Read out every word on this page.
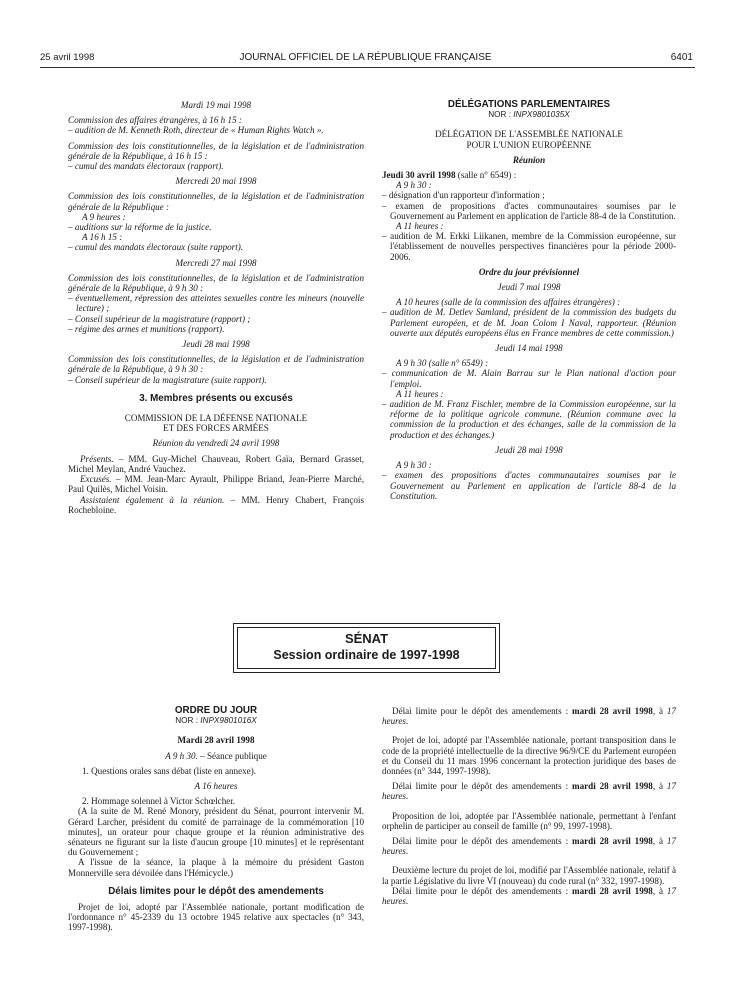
25 avril 1998	JOURNAL OFFICIEL DE LA RÉPUBLIQUE FRANÇAISE	6401

Mardi 19 mai 1998

Commission des affaires étrangères, à 16 h 15 :

– audition de M. Kenneth Roth, directeur de « Human Rights Watch ».

Commission des lois constitutionnelles, de la législation et de l'administration générale de la République, à 16 h 15 :

– cumul des mandats électoraux (rapport).

Mercredi 20 mai 1998

Commission des lois constitutionnelles, de la législation et de l'administration générale de la République :

A 9 heures :

– auditions sur la réforme de la justice.

A 16 h 15 :

– cumul des mandats électoraux (suite rapport).

Mercredi 27 mai 1998

Commission des lois constitutionnelles, de la législation et de l'administration générale de la République, à 9 h 30 :

– éventuellement, répression des atteintes sexuelles contre les mineurs (nouvelle lecture) ;

– Conseil supérieur de la magistrature (rapport) ;

– régime des armes et munitions (rapport).

Jeudi 28 mai 1998

Commission des lois constitutionnelles, de la législation et de l'administration générale de la République, à 9 h 30 :

– Conseil supérieur de la magistrature (suite rapport).

3. Membres présents ou excusés

COMMISSION DE LA DÉFENSE NATIONALE

ET DES FORCES ARMÉES

Réunion du vendredi 24 avril 1998

Présents. – MM. Guy-Michel Chauveau, Robert Gaïa, Bernard Grasset, Michel Meylan, André Vauchez.

Excusés. – MM. Jean-Marc Ayrault, Philippe Briand, Jean-Pierre Marché, Paul Quilès, Michel Voisin.

Assistaient également à la réunion. – MM. Henry Chabert, François Rochebloine.

DÉLÉGATIONS PARLEMENTAIRES

NOR : INPX9801035X

DÉLÉGATION DE L'ASSEMBLÉE NATIONALE

POUR L'UNION EUROPÉENNE

Réunion

Jeudi 30 avril 1998 (salle n° 6549) :

A 9 h 30 :

– désignation d'un rapporteur d'information ;

– examen de propositions d'actes communautaires soumises par le Gouvernement au Parlement en application de l'article 88-4 de la Constitution.

A 11 heures :

– audition de M. Erkki Liikanen, membre de la Commission européenne, sur l'établissement de nouvelles perspectives financières pour la période 2000-2006.

Ordre du jour prévisionnel

Jeudi 7 mai 1998

A 10 heures (salle de la commission des affaires étrangères) :

– audition de M. Detlev Samland, président de la commission des budgets du Parlement européen, et de M. Joan Colom I Naval, rapporteur. (Réunion ouverte aux députés européens élus en France membres de cette commission.)

Jeudi 14 mai 1998

A 9 h 30 (salle n° 6549) :

– communication de M. Alain Barrau sur le Plan national d'action pour l'emploi.

A 11 heures :

– audition de M. Franz Fischler, membre de la Commission européenne, sur la réforme de la politique agricole commune. (Réunion commune avec la commission de la production et des échanges, salle de la commission de la production et des échanges.)

Jeudi 28 mai 1998

A 9 h 30 :

– examen des propositions d'actes communautaires soumises par le Gouvernement au Parlement en application de l'article 88-4 de la Constitution.

SÉNAT
Session ordinaire de 1997-1998

ORDRE DU JOUR

NOR : INPX9801016X

Mardi 28 avril 1998

A 9 h 30. – Séance publique

1. Questions orales sans débat (liste en annexe).

A 16 heures

2. Hommage solennel à Victor Schœlcher.

(A la suite de M. René Monory, président du Sénat, pourront intervenir M. Gérard Larcher, président du comité de parrainage de la commémoration [10 minutes], un orateur pour chaque groupe et la réunion administrative des sénateurs ne figurant sur la liste d'aucun groupe [10 minutes] et le représentant du Gouvernement ;

A l'issue de la séance, la plaque à la mémoire du président Gaston Monnerville sera dévoilée dans l'Hémicycle.)

Délais limites pour le dépôt des amendements

Projet de loi, adopté par l'Assemblée nationale, portant modification de l'ordonnance n° 45-2339 du 13 octobre 1945 relative aux spectacles (n° 343, 1997-1998).

Délai limite pour le dépôt des amendements : mardi 28 avril 1998, à 17 heures.

Projet de loi, adopté par l'Assemblée nationale, portant transposition dans le code de la propriété intellectuelle de la directive 96/9/CE du Parlement européen et du Conseil du 11 mars 1996 concernant la protection juridique des bases de données (n° 344, 1997-1998).

Délai limite pour le dépôt des amendements : mardi 28 avril 1998, à 17 heures.

Proposition de loi, adoptée par l'Assemblée nationale, permettant à l'enfant orphelin de participer au conseil de famille (n° 99, 1997-1998).

Délai limite pour le dépôt des amendements : mardi 28 avril 1998, à 17 heures.

Deuxième lecture du projet de loi, modifié par l'Assemblée nationale, relatif à la partie Législative du livre VI (nouveau) du code rural (n° 332, 1997-1998).

Délai limite pour le dépôt des amendements : mardi 28 avril 1998, à 17 heures.
